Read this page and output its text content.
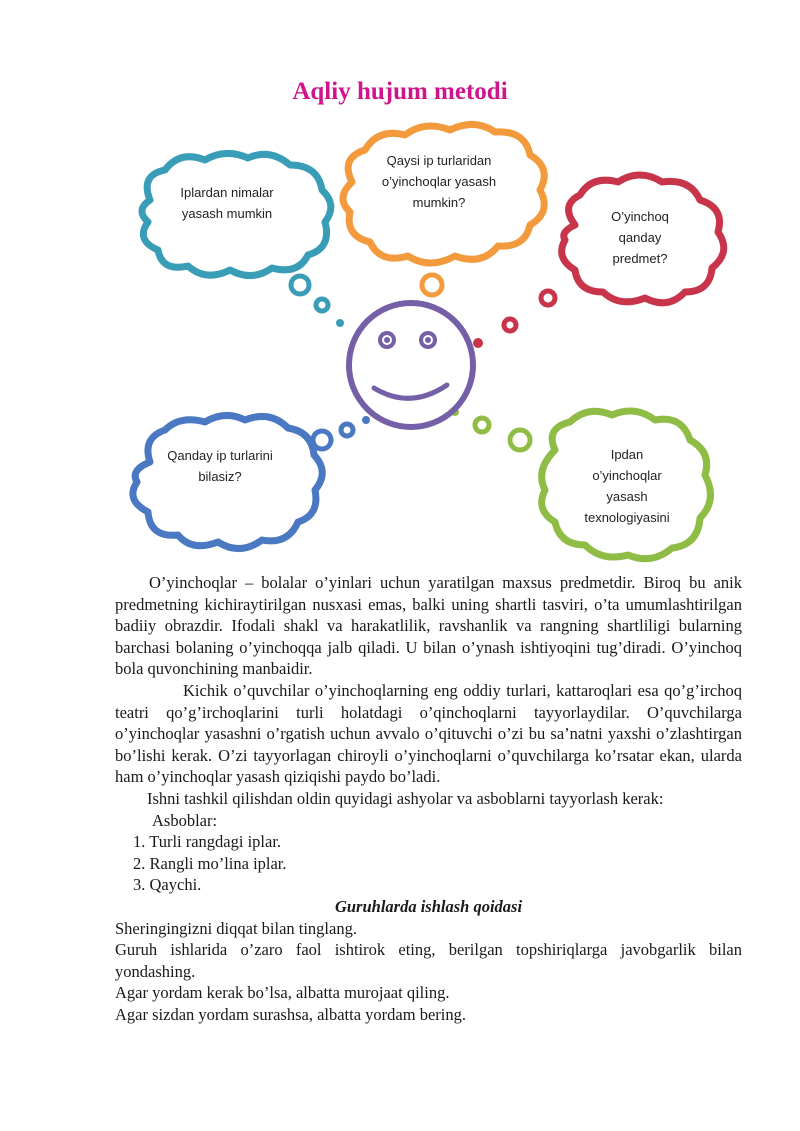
Aqliy hujum metodi
Iplardan nimalar yasash mumkin
Qaysi ip turlaridan o’yinchoqlar yasash mumkin?
O’yinchoq qanday predmet?
Qanday ip turlarini bilasiz?
Ipdan o’yinchoqlar yasash texnologiyasini

O’yinchoqlar – bolalar o’yinlari uchun yaratilgan maxsus predmetdir. Biroq bu anik predmetning kichiraytirilgan nusxasi emas, balki uning shartli tasviri, o’ta umumlashtirilgan badiiy obrazdir. Ifodali shakl va harakatlilik, ravshanlik va rangning shartliligi bularning barchasi bolaning o’yinchoqqa jalb qiladi. U bilan o’ynash ishtiyoqini tug’diradi. O’yinchoq bola quvonchining manbaidir.

Kichik o’quvchilar o’yinchoqlarning eng oddiy turlari, kattaroqlari esa qo’g’irchoq teatri qo’g’irchoqlarini turli holatdagi o’qinchoqlarni tayyorlaydilar. O’quvchilarga o’yinchoqlar yasashni o’rgatish uchun avvalo o’qituvchi o’zi bu sa’natni yaxshi o’zlashtirgan bo’lishi kerak. O’zi tayyorlagan chiroyli o’yinchoqlarni o’quvchilarga ko’rsatar ekan, ularda ham o’yinchoqlar yasash qiziqishi paydo bo’ladi.

Ishni tashkil qilishdan oldin quyidagi ashyolar va asboblarni tayyorlash kerak:

Asboblar:

1. Turli rangdagi iplar.
2. Rangli mo’lina iplar.
3. Qaychi.

Guruhlarda ishlash qoidasi

Sheringingizni diqqat bilan tinglang.

Guruh ishlarida o’zaro faol ishtirok eting, berilgan topshiriqlarga javobgarlik bilan yondashing.

Agar yordam kerak bo’lsa, albatta murojaat qiling.

Agar sizdan yordam surashsa, albatta yordam bering.
